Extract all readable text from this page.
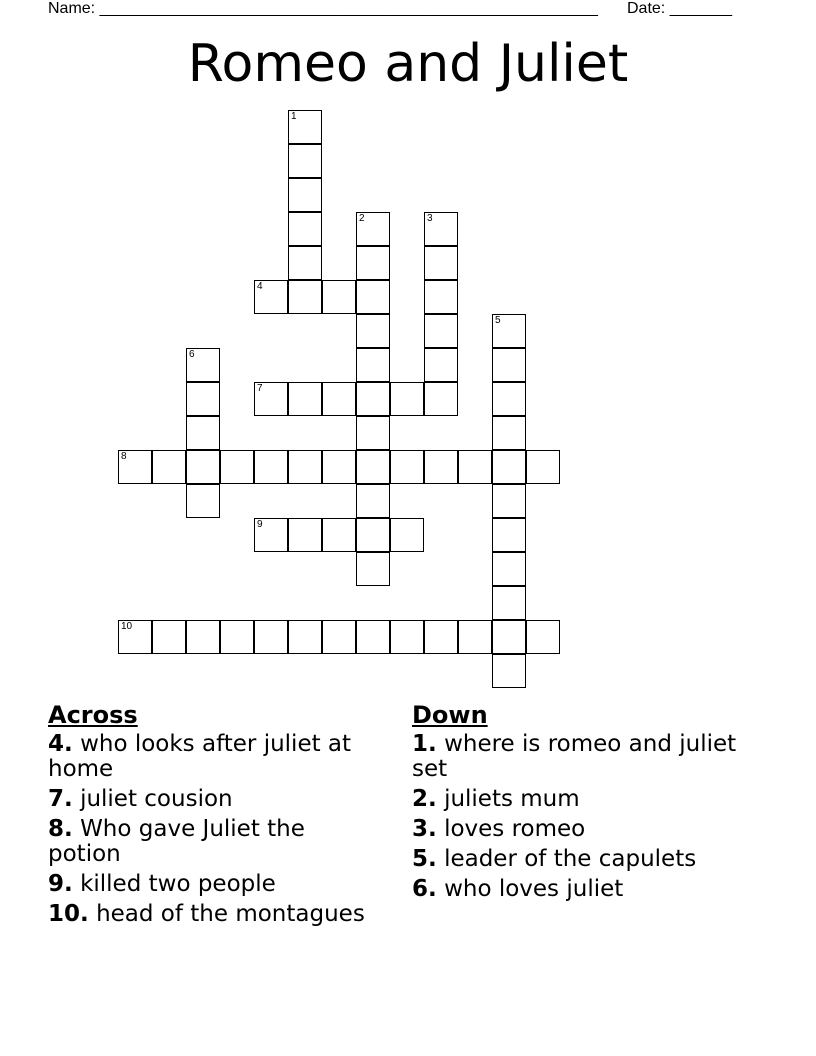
Name: ________________________________________________________ Date: _______
Romeo and Juliet
1
2	3
4
5
6
7
8
9
10
Across
4. who looks after juliet at home
7. juliet cousion
8. Who gave Juliet the potion
9. killed two people
10. head of the montagues
Down
1. where is romeo and juliet set
2. juliets mum
3. loves romeo
5. leader of the capulets
6. who loves juliet
